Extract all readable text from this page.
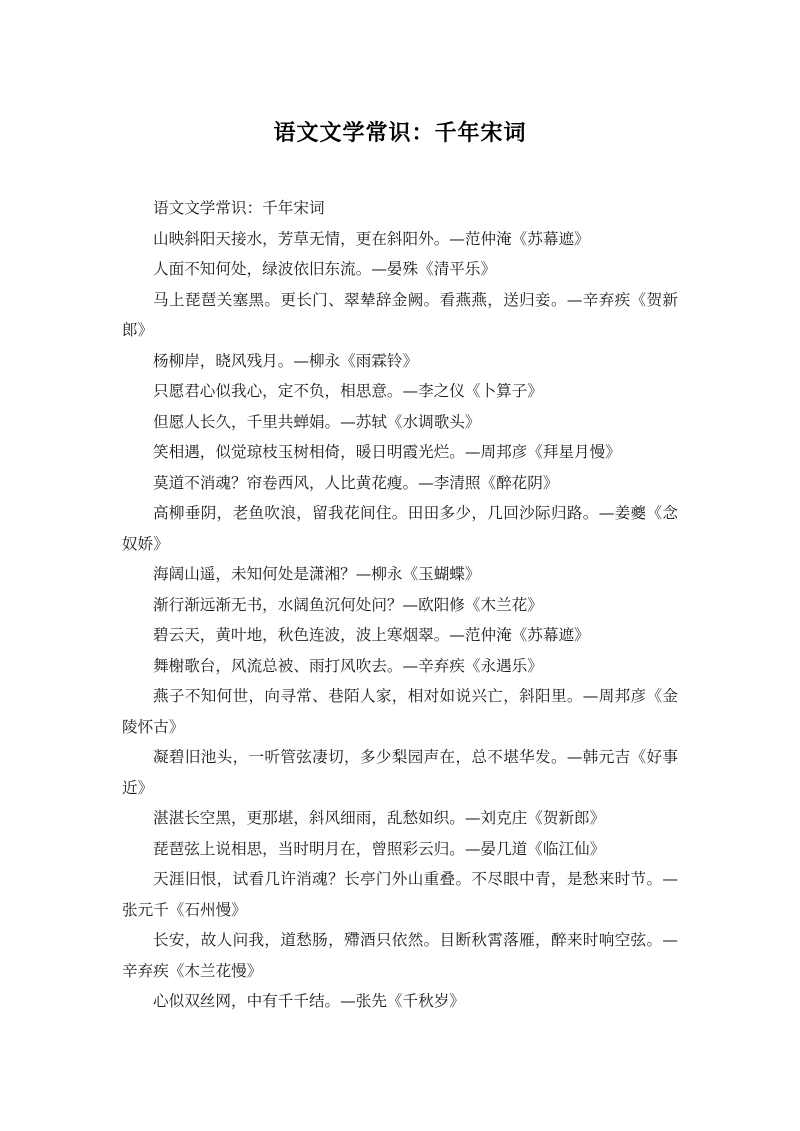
语文文学常识：千年宋词

语文文学常识：千年宋词

山映斜阳天接水，芳草无情，更在斜阳外。—范仲淹《苏幕遮》

人面不知何处，绿波依旧东流。—晏殊《清平乐》

马上琵琶关塞黑。更长门、翠辇辞金阙。看燕燕，送归妾。—辛弃疾《贺新郎》

杨柳岸，晓风残月。—柳永《雨霖铃》

只愿君心似我心，定不负，相思意。—李之仪《卜算子》

但愿人长久，千里共蝉娟。—苏轼《水调歌头》

笑相遇，似觉琼枝玉树相倚，暖日明霞光烂。—周邦彦《拜星月慢》

莫道不消魂？帘卷西风，人比黄花瘦。—李清照《醉花阴》

高柳垂阴，老鱼吹浪，留我花间住。田田多少，几回沙际归路。—姜夔《念奴娇》

海阔山遥，未知何处是潇湘？—柳永《玉蝴蝶》

渐行渐远渐无书，水阔鱼沉何处问？—欧阳修《木兰花》

碧云天，黄叶地，秋色连波，波上寒烟翠。—范仲淹《苏幕遮》

舞榭歌台，风流总被、雨打风吹去。—辛弃疾《永遇乐》

燕子不知何世，向寻常、巷陌人家，相对如说兴亡，斜阳里。—周邦彦《金陵怀古》

凝碧旧池头，一听管弦凄切，多少梨园声在，总不堪华发。—韩元吉《好事近》

湛湛长空黑，更那堪，斜风细雨，乱愁如织。—刘克庄《贺新郎》

琵琶弦上说相思，当时明月在，曾照彩云归。—晏几道《临江仙》

天涯旧恨，试看几许消魂？长亭门外山重叠。不尽眼中青，是愁来时节。—张元千《石州慢》

长安，故人问我，道愁肠，殢酒只依然。目断秋霄落雁，醉来时响空弦。—辛弃疾《木兰花慢》

心似双丝网，中有千千结。—张先《千秋岁》
